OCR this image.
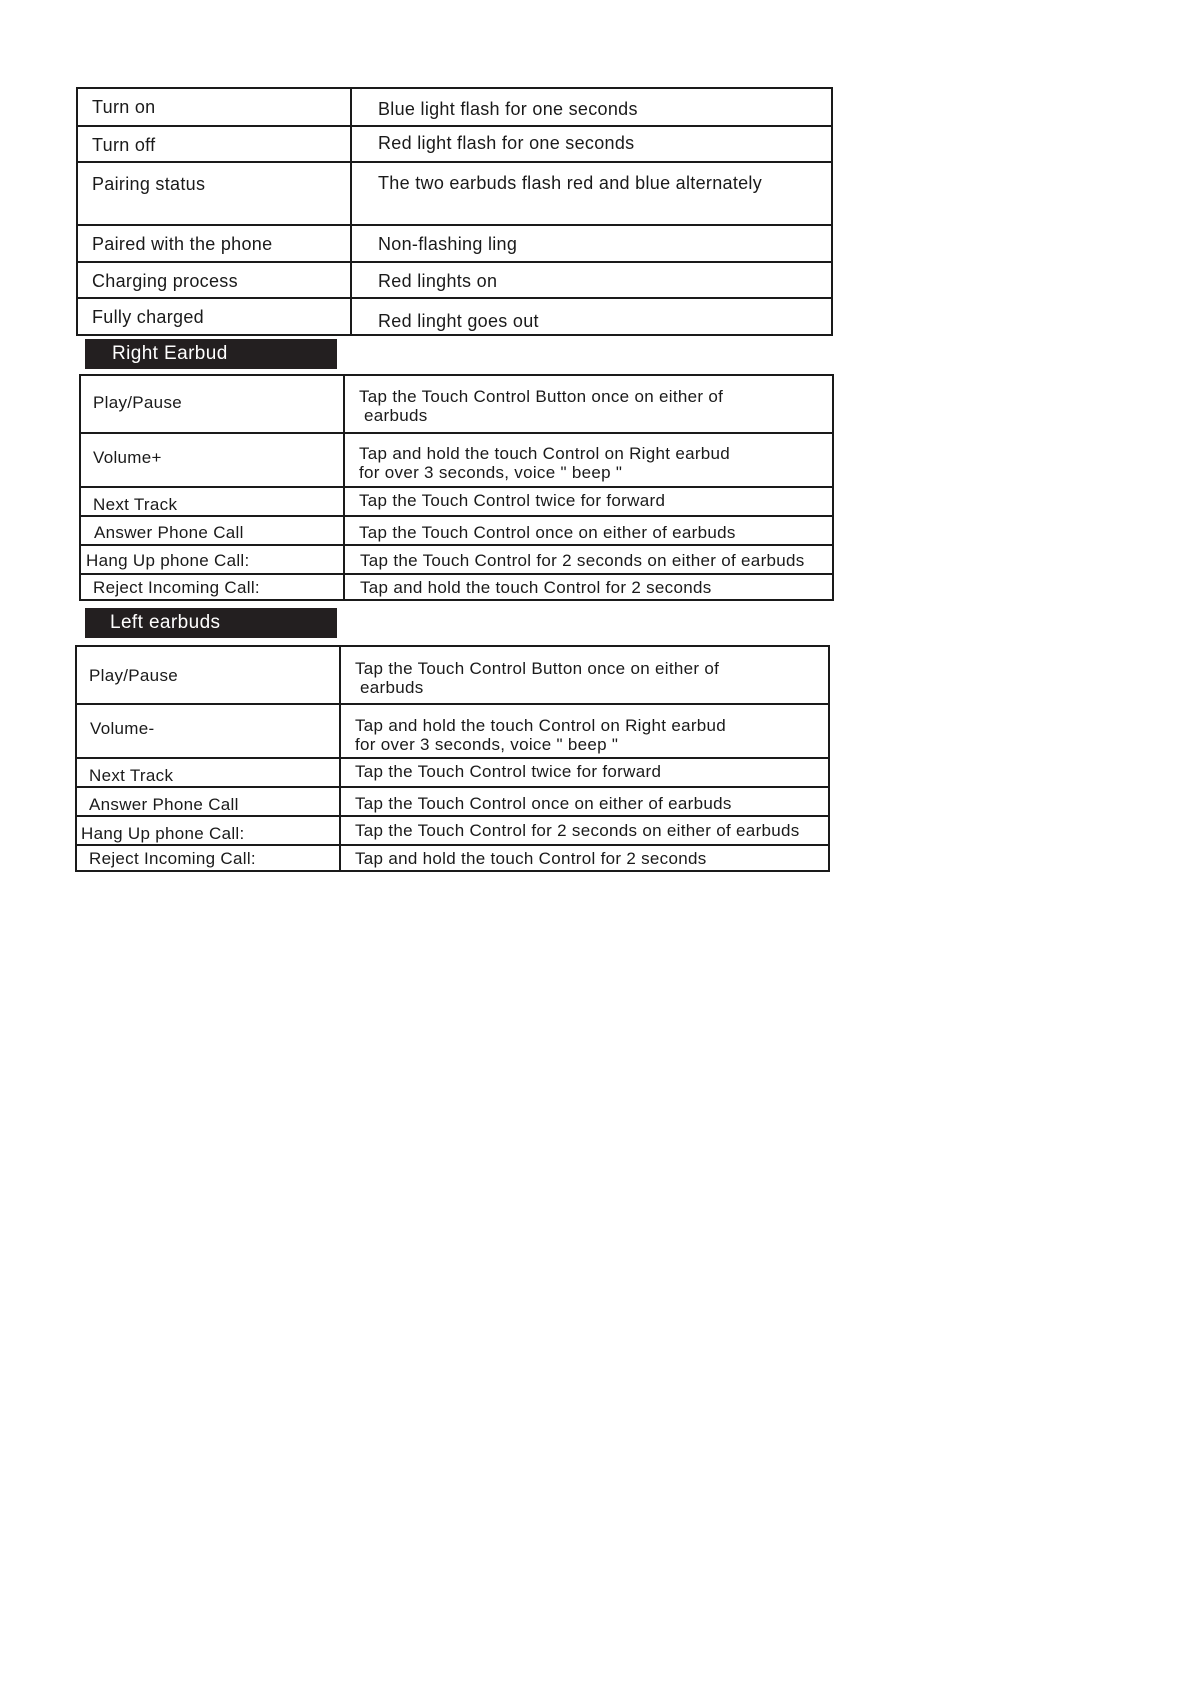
Turn on	Blue light flash for one seconds
Turn off	Red light flash for one seconds
Pairing status	The two earbuds flash red and blue alternately
Paired with the phone	Non-flashing ling
Charging process	Red linghts on
Fully charged	Red linght goes out
Right Earbud
Play/Pause	Tap the Touch Control Button once on either of
earbuds

Volume+	Tap and hold the touch Control on Right earbud
for over 3 seconds, voice " beep "

Next Track	Tap the Touch Control twice for forward
Answer Phone Call	Tap the Touch Control once on either of earbuds
Hang Up phone Call:	Tap the Touch Control for 2 seconds on either of earbuds
Reject Incoming Call:	Tap and hold the touch Control for 2 seconds
Left earbuds
Play/Pause	Tap the Touch Control Button once on either of
earbuds

Volume-	Tap and hold the touch Control on Right earbud
for over 3 seconds, voice " beep "

Next Track	Tap the Touch Control twice for forward
Answer Phone Call	Tap the Touch Control once on either of earbuds
Hang Up phone Call:	Tap the Touch Control for 2 seconds on either of earbuds
Reject Incoming Call:	Tap and hold the touch Control for 2 seconds
